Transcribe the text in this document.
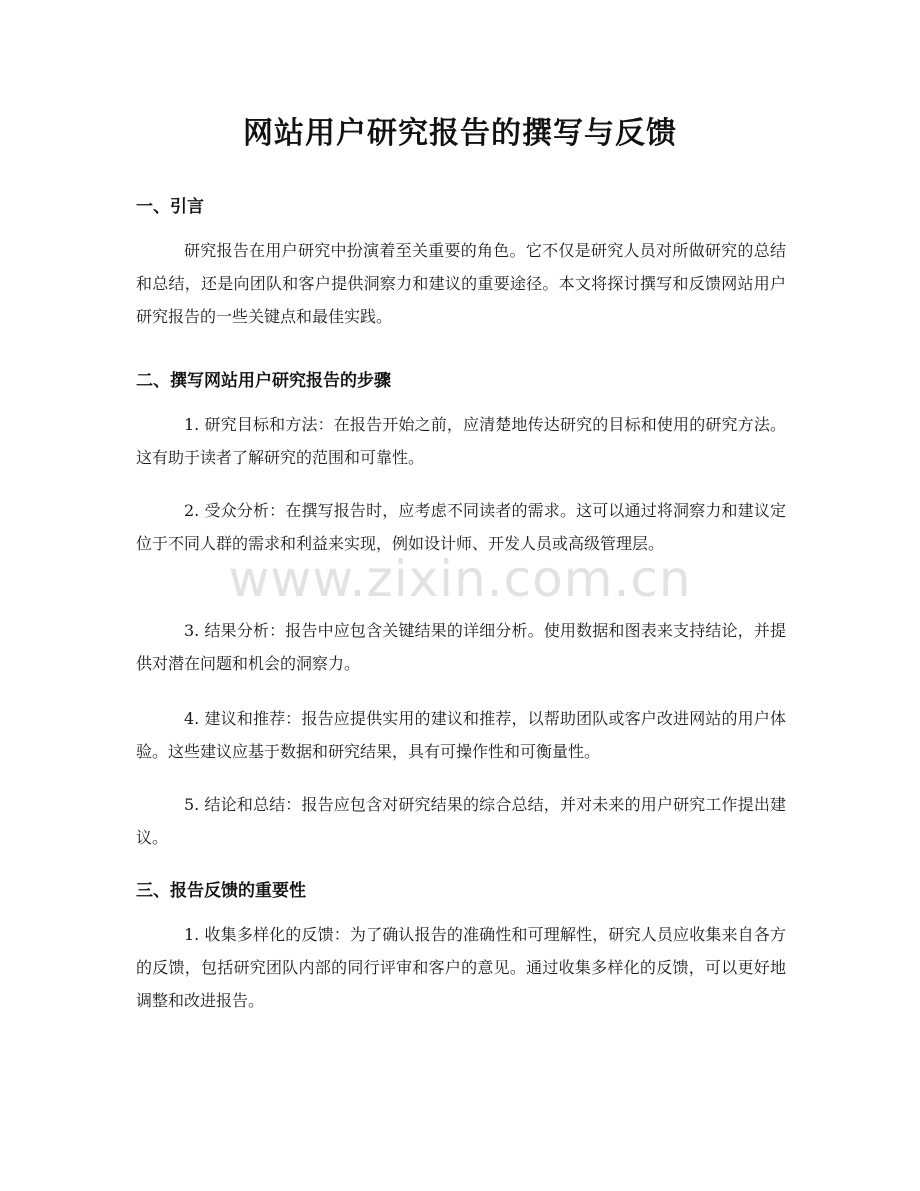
网站用户研究报告的撰写与反馈
一、引言

研究报告在用户研究中扮演着至关重要的角色。它不仅是研究人员对所做研究的总结和总结，还是向团队和客户提供洞察力和建议的重要途径。本文将探讨撰写和反馈网站用户研究报告的一些关键点和最佳实践。

二、撰写网站用户研究报告的步骤

1. 研究目标和方法：在报告开始之前，应清楚地传达研究的目标和使用的研究方法。这有助于读者了解研究的范围和可靠性。

2. 受众分析：在撰写报告时，应考虑不同读者的需求。这可以通过将洞察力和建议定位于不同人群的需求和利益来实现，例如设计师、开发人员或高级管理层。

3. 结果分析：报告中应包含关键结果的详细分析。使用数据和图表来支持结论，并提供对潜在问题和机会的洞察力。

4. 建议和推荐：报告应提供实用的建议和推荐，以帮助团队或客户改进网站的用户体验。这些建议应基于数据和研究结果，具有可操作性和可衡量性。

5. 结论和总结：报告应包含对研究结果的综合总结，并对未来的用户研究工作提出建议。

三、报告反馈的重要性

1. 收集多样化的反馈：为了确认报告的准确性和可理解性，研究人员应收集来自各方的反馈，包括研究团队内部的同行评审和客户的意见。通过收集多样化的反馈，可以更好地调整和改进报告。

www.zixin.com.cn
